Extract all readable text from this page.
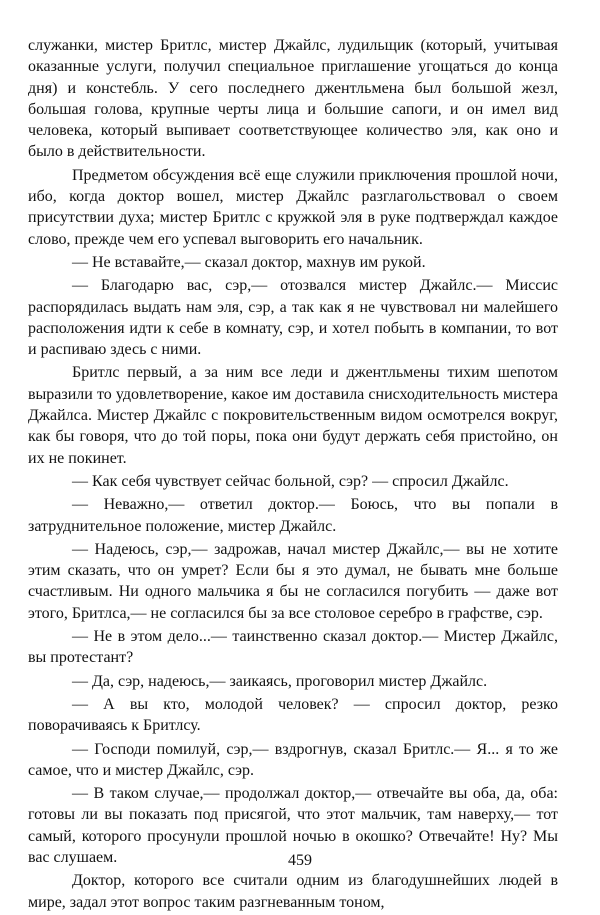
служанки, мистер Бритлс, мистер Джайлс, лудильщик (который, учитывая оказанные услуги, получил специальное приглашение угощаться до конца дня) и констебль. У сего последнего джентльмена был большой жезл, большая голова, крупные черты лица и большие сапоги, и он имел вид человека, который выпивает соответствующее количество эля, как оно и было в действительности.

Предметом обсуждения всё еще служили приключения прошлой ночи, ибо, когда доктор вошел, мистер Джайлс разглагольствовал о своем присутствии духа; мистер Бритлс с кружкой эля в руке подтверждал каждое слово, прежде чем его успевал выговорить его начальник.

— Не вставайте,— сказал доктор, махнув им рукой.

— Благодарю вас, сэр,— отозвался мистер Джайлс.— Миссис распорядилась выдать нам эля, сэр, а так как я не чувствовал ни малейшего расположения идти к себе в комнату, сэр, и хотел побыть в компании, то вот и распиваю здесь с ними.

Бритлс первый, а за ним все леди и джентльмены тихим шепотом выразили то удовлетворение, какое им доставила снисходительность мистера Джайлса. Мистер Джайлс с покровительственным видом осмотрелся вокруг, как бы говоря, что до той поры, пока они будут держать себя пристойно, он их не покинет.

— Как себя чувствует сейчас больной, сэр? — спросил Джайлс.

— Неважно,— ответил доктор.— Боюсь, что вы попали в затруднительное положение, мистер Джайлс.

— Надеюсь, сэр,— задрожав, начал мистер Джайлс,— вы не хотите этим сказать, что он умрет? Если бы я это думал, не бывать мне больше счастливым. Ни одного мальчика я бы не согласился погубить — даже вот этого, Бритлса,— не согласился бы за все столовое серебро в графстве, сэр.

— Не в этом дело...— таинственно сказал доктор.— Мистер Джайлс, вы протестант?

— Да, сэр, надеюсь,— заикаясь, проговорил мистер Джайлс.

— А вы кто, молодой человек? — спросил доктор, резко поворачиваясь к Бритлсу.

— Господи помилуй, сэр,— вздрогнув, сказал Бритлс.— Я... я то же самое, что и мистер Джайлс, сэр.

— В таком случае,— продолжал доктор,— отвечайте вы оба, да, оба: готовы ли вы показать под присягой, что этот мальчик, там наверху,— тот самый, которого просунули прошлой ночью в окошко? Отвечайте! Ну? Мы вас слушаем.

Доктор, которого все считали одним из благодушнейших людей в мире, задал этот вопрос таким разгневанным тоном,

459
